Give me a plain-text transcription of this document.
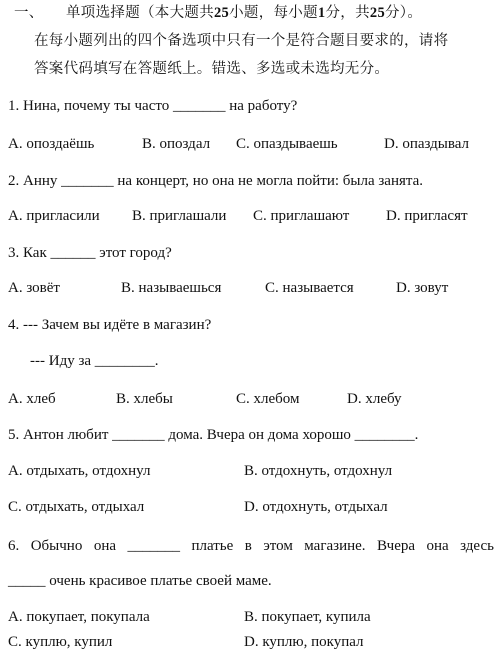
一、 单项选择题（本大题共25小题，每小题1分，共25分）。
在每小题列出的四个备选项中只有一个是符合题目要求的，请将
答案代码填写在答题纸上。错选、多选或未选均无分。
1. Нина, почему ты часто _______ на работу?
A. опоздаёшь	B. опоздал C. опаздываешь	D. опаздывал
2. Анну _______ на концерт, но она не могла пойти: была занята.
A. пригласили B. приглашали C. приглашают D. пригласят
3. Как ______ этот город?
A. зовёт	B. называешься	C. называется	D. зовут
4. --- Зачем вы идёте в магазин?
--- Иду за ________.
A. хлеб	B. хлебы	C. хлебом	D. хлебу
5. Антон любит _______ дома. Вчера он дома хорошо ________.
A. отдыхать, отдохнул	B. отдохнуть, отдохнул
C. отдыхать, отдыхал	D. отдохнуть, отдыхал
6. Обычно она _______ платье в этом магазине. Вчера она здесь
_____ очень красивое платье своей маме.
A. покупает, покупала	B. покупает, купила
C. куплю, купил	D. куплю, покупал
